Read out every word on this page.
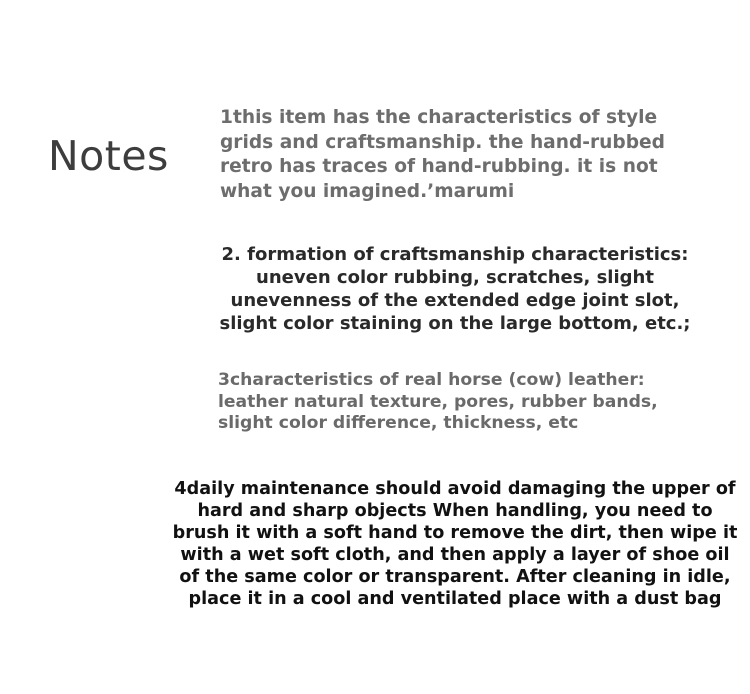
Notes
1this item has the characteristics of style
grids and craftsmanship. the hand-rubbed
retro has traces of hand-rubbing. it is not
what you imagined.’marumi
2. formation of craftsmanship characteristics:
uneven color rubbing, scratches, slight
unevenness of the extended edge joint slot,
slight color staining on the large bottom, etc.;
3characteristics of real horse (cow) leather:
leather natural texture, pores, rubber bands,
slight color difference, thickness, etc
4daily maintenance should avoid damaging the upper of
hard and sharp objects When handling, you need to
brush it with a soft hand to remove the dirt, then wipe it
with a wet soft cloth, and then apply a layer of shoe oil
of the same color or transparent. After cleaning in idle,
place it in a cool and ventilated place with a dust bag
